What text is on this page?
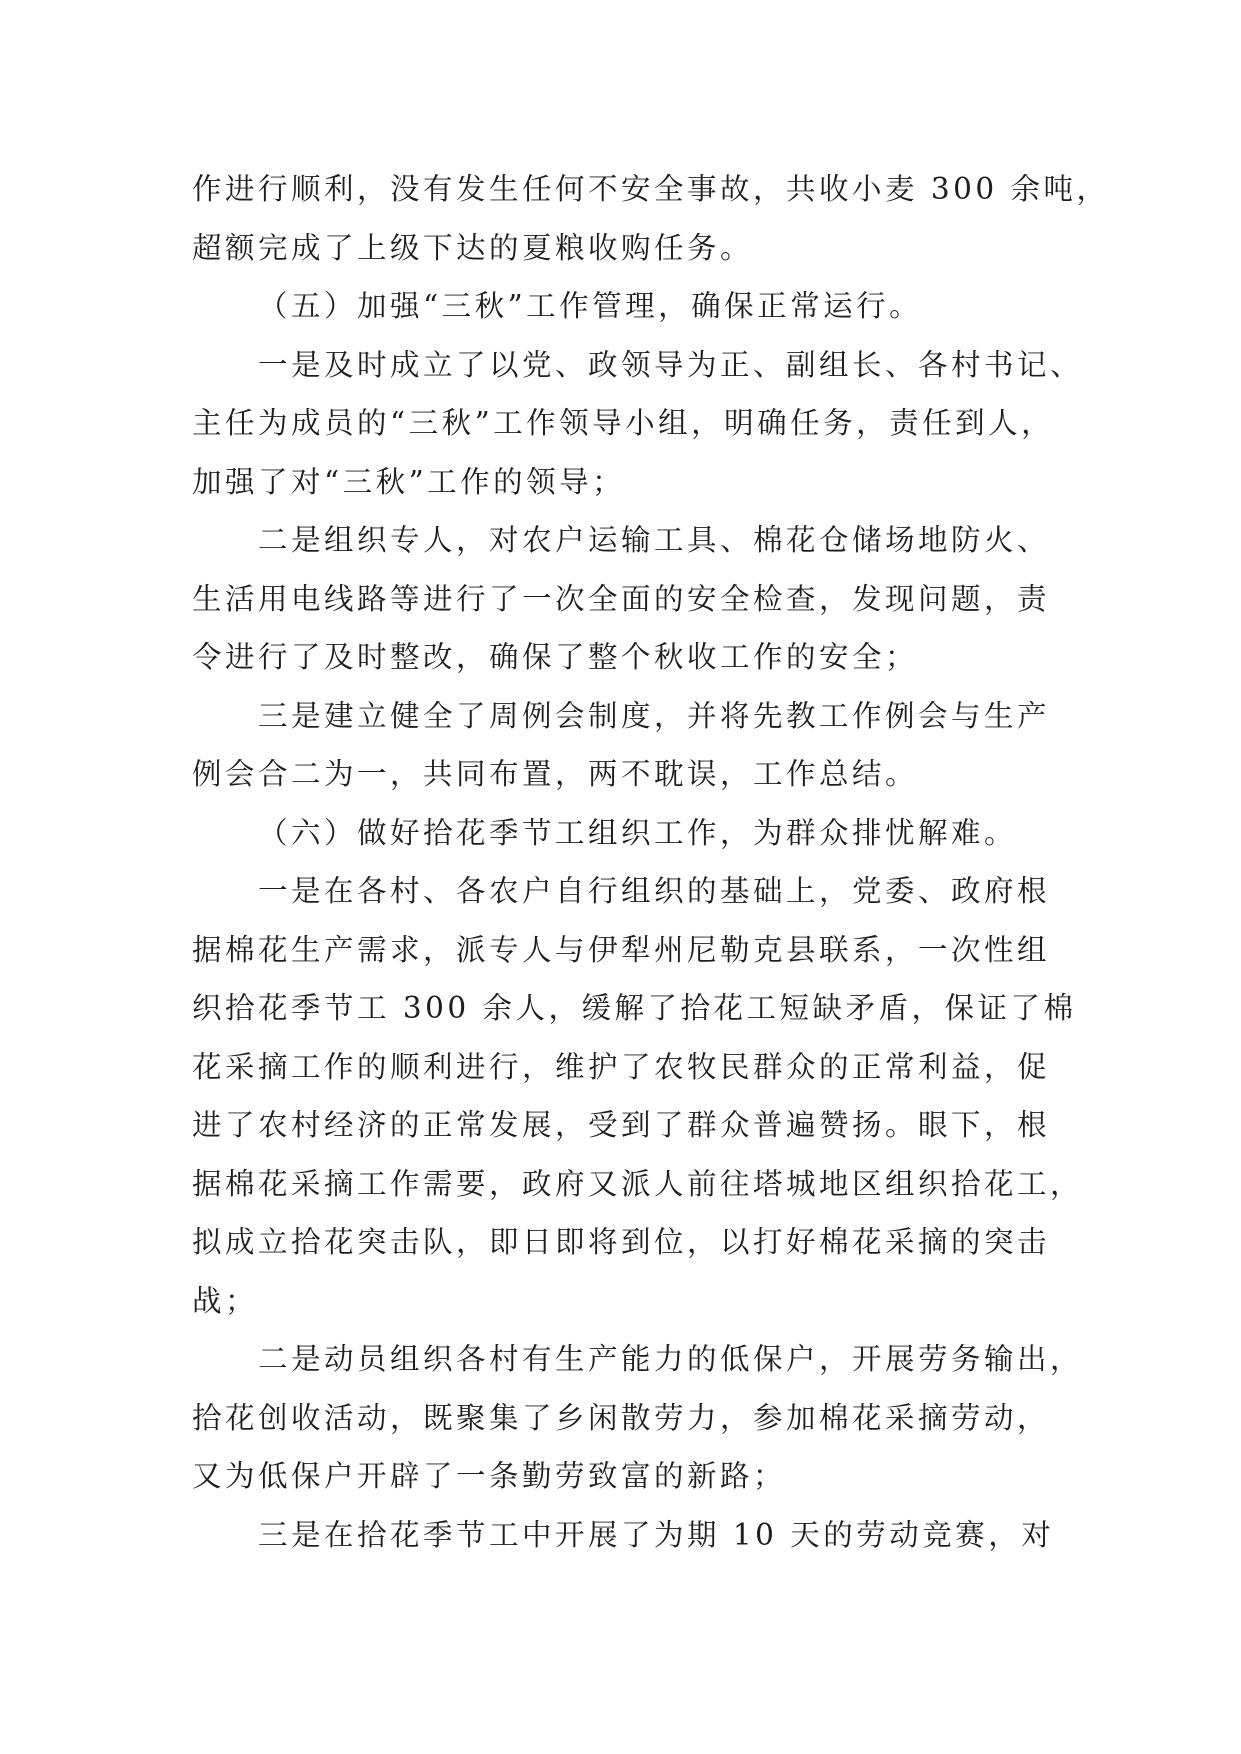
作进行顺利，没有发生任何不安全事故，共收小麦 300 余吨，
超额完成了上级下达的夏粮收购任务。
（五）加强“三秋”工作管理，确保正常运行。
一是及时成立了以党、政领导为正、副组长、各村书记、
主任为成员的“三秋”工作领导小组，明确任务，责任到人，
加强了对“三秋”工作的领导；
二是组织专人，对农户运输工具、棉花仓储场地防火、
生活用电线路等进行了一次全面的安全检查，发现问题，责
令进行了及时整改，确保了整个秋收工作的安全；
三是建立健全了周例会制度，并将先教工作例会与生产
例会合二为一，共同布置，两不耽误，工作总结。
（六）做好拾花季节工组织工作，为群众排忧解难。
一是在各村、各农户自行组织的基础上，党委、政府根
据棉花生产需求，派专人与伊犁州尼勒克县联系，一次性组
织拾花季节工 300 余人，缓解了拾花工短缺矛盾，保证了棉
花采摘工作的顺利进行，维护了农牧民群众的正常利益，促
进了农村经济的正常发展，受到了群众普遍赞扬。眼下，根
据棉花采摘工作需要，政府又派人前往塔城地区组织拾花工，
拟成立拾花突击队，即日即将到位，以打好棉花采摘的突击
战；
二是动员组织各村有生产能力的低保户，开展劳务输出，
拾花创收活动，既聚集了乡闲散劳力，参加棉花采摘劳动，
又为低保户开辟了一条勤劳致富的新路；
三是在拾花季节工中开展了为期 10 天的劳动竞赛，对
